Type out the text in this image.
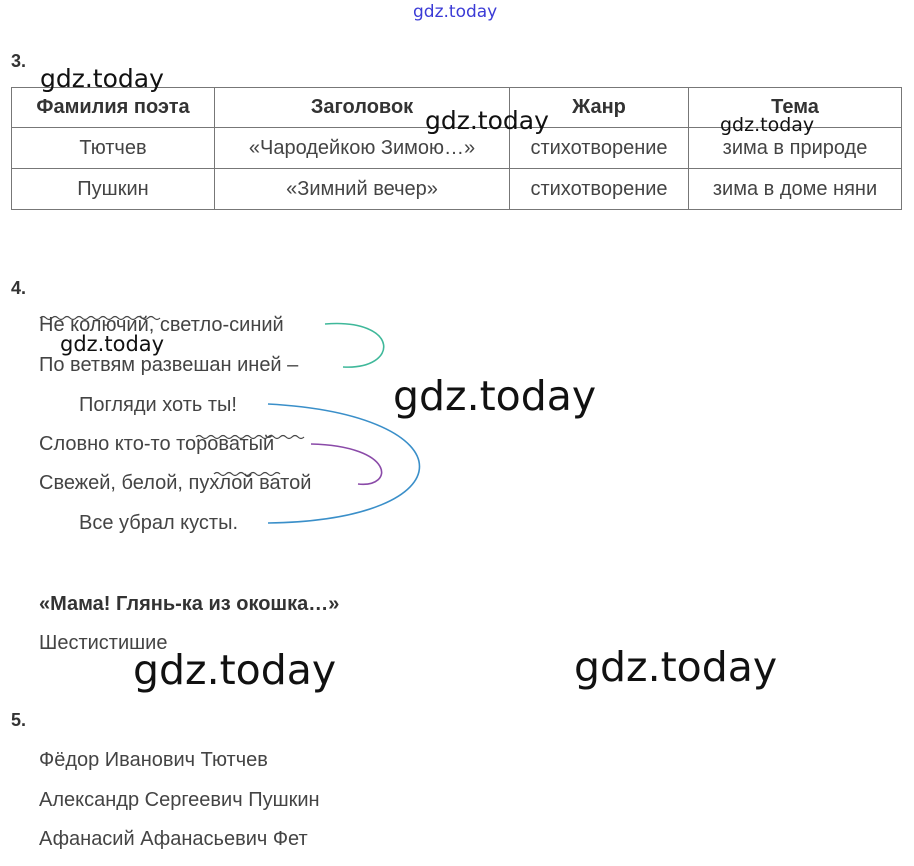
gdz.today
3.
Фамилия поэта	Заголовок	Жанр	Тема
Тютчев	«Чародейкою Зимою…»	стихотворение	зима в природе
Пушкин	«Зимний вечер»	стихотворение	зима в доме няни
gdz.today
gdz.today	gdz.today
4.
Не колючий, светло-синий
По ветвям развешан иней –
Погляди хоть ты!
Словно кто-то тороватый
Свежей, белой, пухлой ватой
Все убрал кусты.
gdz.today
gdz.today
«Мама! Глянь-ка из окошка…»
Шестистишие
gdz.today	gdz.today
5.
Фёдор Иванович Тютчев
Александр Сергеевич Пушкин
Афанасий Афанасьевич Фет
